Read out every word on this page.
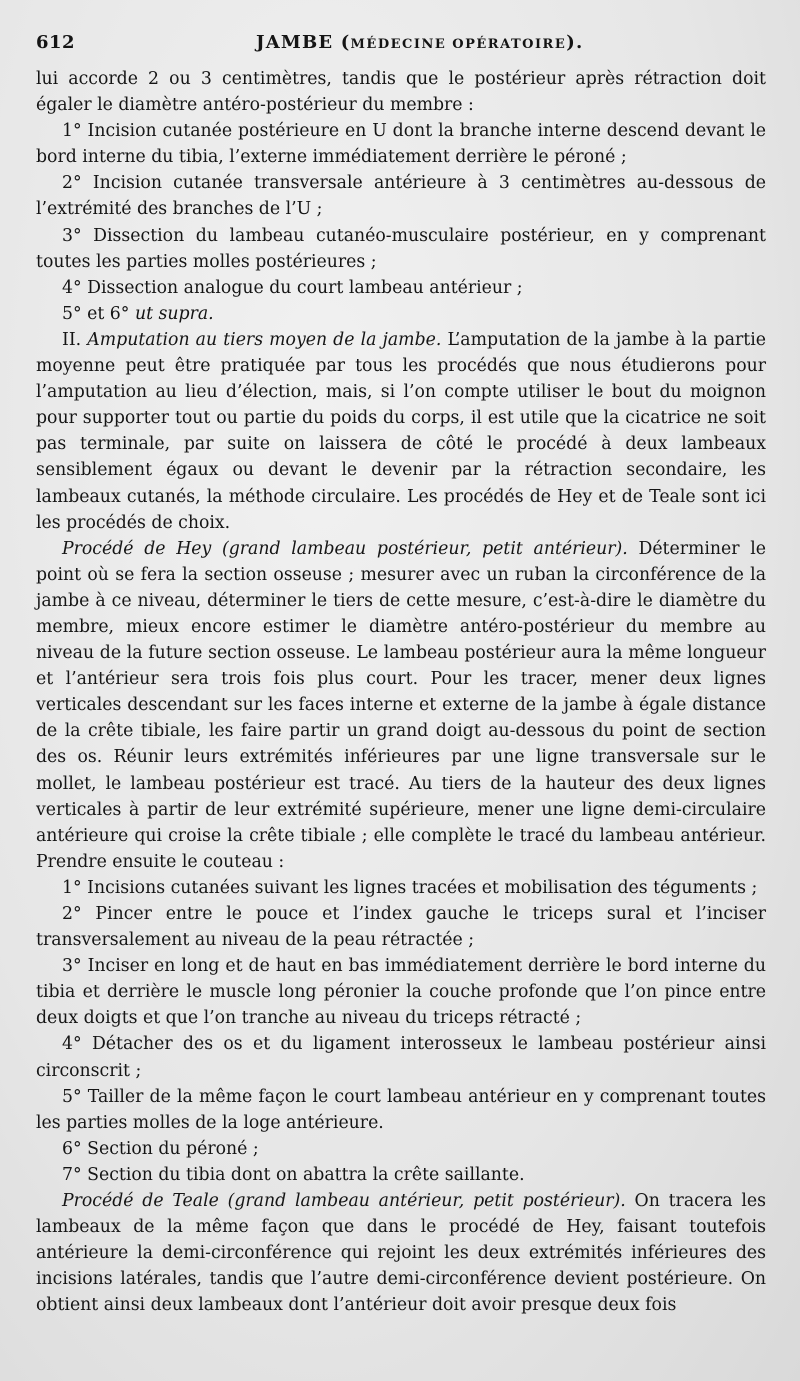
612	JAMBE (MÉDECINE OPÉRATOIRE).

lui accorde 2 ou 3 centimètres, tandis que le postérieur après rétraction doit égaler le diamètre antéro-postérieur du membre :

1° Incision cutanée postérieure en U dont la branche interne descend devant le bord interne du tibia, l’externe immédiatement derrière le péroné ;

2° Incision cutanée transversale antérieure à 3 centimètres au-dessous de l’extrémité des branches de l’U ;

3° Dissection du lambeau cutanéo-musculaire postérieur, en y comprenant toutes les parties molles postérieures ;

4° Dissection analogue du court lambeau antérieur ;

5° et 6° ut supra.

II. Amputation au tiers moyen de la jambe. L’amputation de la jambe à la partie moyenne peut être pratiquée par tous les procédés que nous étudierons pour l’amputation au lieu d’élection, mais, si l’on compte utiliser le bout du moignon pour supporter tout ou partie du poids du corps, il est utile que la cicatrice ne soit pas terminale, par suite on laissera de côté le procédé à deux lambeaux sensiblement égaux ou devant le devenir par la rétraction secondaire, les lambeaux cutanés, la méthode circulaire. Les procédés de Hey et de Teale sont ici les procédés de choix.

Procédé de Hey (grand lambeau postérieur, petit antérieur). Déterminer le point où se fera la section osseuse ; mesurer avec un ruban la circonférence de la jambe à ce niveau, déterminer le tiers de cette mesure, c’est-à-dire le diamètre du membre, mieux encore estimer le diamètre antéro-postérieur du membre au niveau de la future section osseuse. Le lambeau postérieur aura la même longueur et l’antérieur sera trois fois plus court. Pour les tracer, mener deux lignes verticales descendant sur les faces interne et externe de la jambe à égale distance de la crête tibiale, les faire partir un grand doigt au-dessous du point de section des os. Réunir leurs extrémités inférieures par une ligne transversale sur le mollet, le lambeau postérieur est tracé. Au tiers de la hauteur des deux lignes verticales à partir de leur extrémité supérieure, mener une ligne demi-circulaire antérieure qui croise la crête tibiale ; elle complète le tracé du lambeau antérieur. Prendre ensuite le couteau :

1° Incisions cutanées suivant les lignes tracées et mobilisation des téguments ;

2° Pincer entre le pouce et l’index gauche le triceps sural et l’inciser transversalement au niveau de la peau rétractée ;

3° Inciser en long et de haut en bas immédiatement derrière le bord interne du tibia et derrière le muscle long péronier la couche profonde que l’on pince entre deux doigts et que l’on tranche au niveau du triceps rétracté ;

4° Détacher des os et du ligament interosseux le lambeau postérieur ainsi circonscrit ;

5° Tailler de la même façon le court lambeau antérieur en y comprenant toutes les parties molles de la loge antérieure.

6° Section du péroné ;

7° Section du tibia dont on abattra la crête saillante.

Procédé de Teale (grand lambeau antérieur, petit postérieur). On tracera les lambeaux de la même façon que dans le procédé de Hey, faisant toutefois antérieure la demi-circonférence qui rejoint les deux extrémités inférieures des incisions latérales, tandis que l’autre demi-circonférence devient postérieure. On obtient ainsi deux lambeaux dont l’antérieur doit avoir presque deux fois
